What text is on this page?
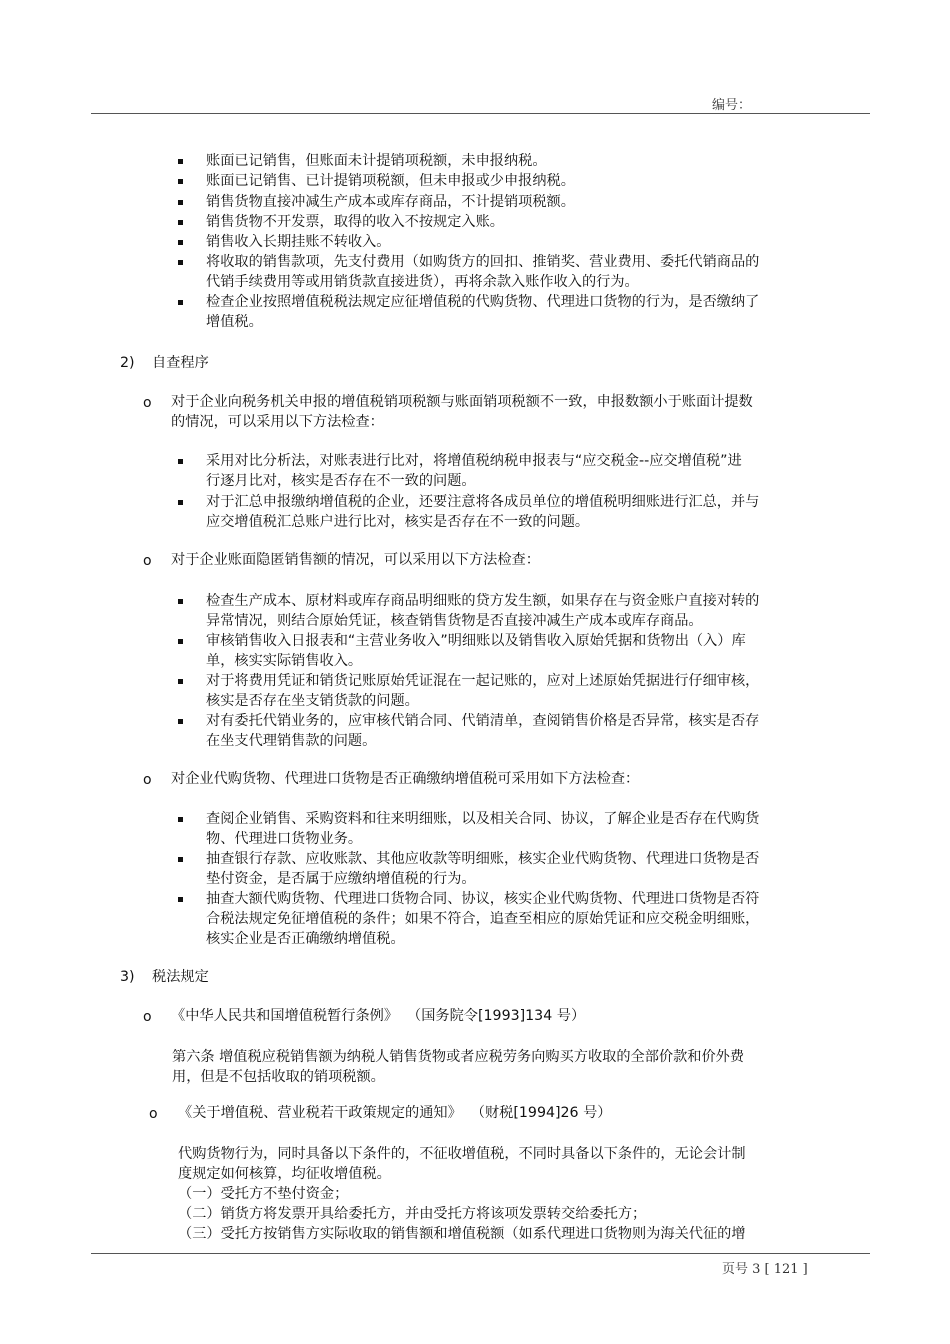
编号：
账面已记销售，但账面未计提销项税额，未申报纳税。
账面已记销售、已计提销项税额，但未申报或少申报纳税。
销售货物直接冲减生产成本或库存商品，不计提销项税额。
销售货物不开发票，取得的收入不按规定入账。
销售收入长期挂账不转收入。
将收取的销售款项，先支付费用（如购货方的回扣、推销奖、营业费用、委托代销商品的
代销手续费用等或用销货款直接进货），再将余款入账作收入的行为。
检查企业按照增值税税法规定应征增值税的代购货物、代理进口货物的行为，是否缴纳了
增值税。
2) 自查程序
o 对于企业向税务机关申报的增值税销项税额与账面销项税额不一致，申报数额小于账面计提数
的情况，可以采用以下方法检查：
采用对比分析法，对账表进行比对，将增值税纳税申报表与“应交税金--应交增值税”进
行逐月比对，核实是否存在不一致的问题。
对于汇总申报缴纳增值税的企业，还要注意将各成员单位的增值税明细账进行汇总，并与
应交增值税汇总账户进行比对，核实是否存在不一致的问题。
o 对于企业账面隐匿销售额的情况，可以采用以下方法检查：
检查生产成本、原材料或库存商品明细账的贷方发生额，如果存在与资金账户直接对转的
异常情况，则结合原始凭证，核查销售货物是否直接冲减生产成本或库存商品。
审核销售收入日报表和“主营业务收入”明细账以及销售收入原始凭据和货物出（入）库
单，核实实际销售收入。
对于将费用凭证和销货记账原始凭证混在一起记账的，应对上述原始凭据进行仔细审核，
核实是否存在坐支销货款的问题。
对有委托代销业务的，应审核代销合同、代销清单，查阅销售价格是否异常，核实是否存
在坐支代理销售款的问题。
o 对企业代购货物、代理进口货物是否正确缴纳增值税可采用如下方法检查：
查阅企业销售、采购资料和往来明细账，以及相关合同、协议，了解企业是否存在代购货
物、代理进口货物业务。
抽查银行存款、应收账款、其他应收款等明细账，核实企业代购货物、代理进口货物是否
垫付资金，是否属于应缴纳增值税的行为。
抽查大额代购货物、代理进口货物合同、协议，核实企业代购货物、代理进口货物是否符
合税法规定免征增值税的条件；如果不符合，追查至相应的原始凭证和应交税金明细账，
核实企业是否正确缴纳增值税。
3) 税法规定
o 《中华人民共和国增值税暂行条例》 （国务院令[1993]134 号）
第六条 增值税应税销售额为纳税人销售货物或者应税劳务向购买方收取的全部价款和价外费
用，但是不包括收取的销项税额。
o 《关于增值税、营业税若干政策规定的通知》 （财税[1994]26 号）
代购货物行为，同时具备以下条件的，不征收增值税，不同时具备以下条件的，无论会计制
度规定如何核算，均征收增值税。
（一）受托方不垫付资金；
（二）销货方将发票开具给委托方，并由受托方将该项发票转交给委托方；
（三）受托方按销售方实际收取的销售额和增值税额（如系代理进口货物则为海关代征的增
页号 3 [ 121 ]
